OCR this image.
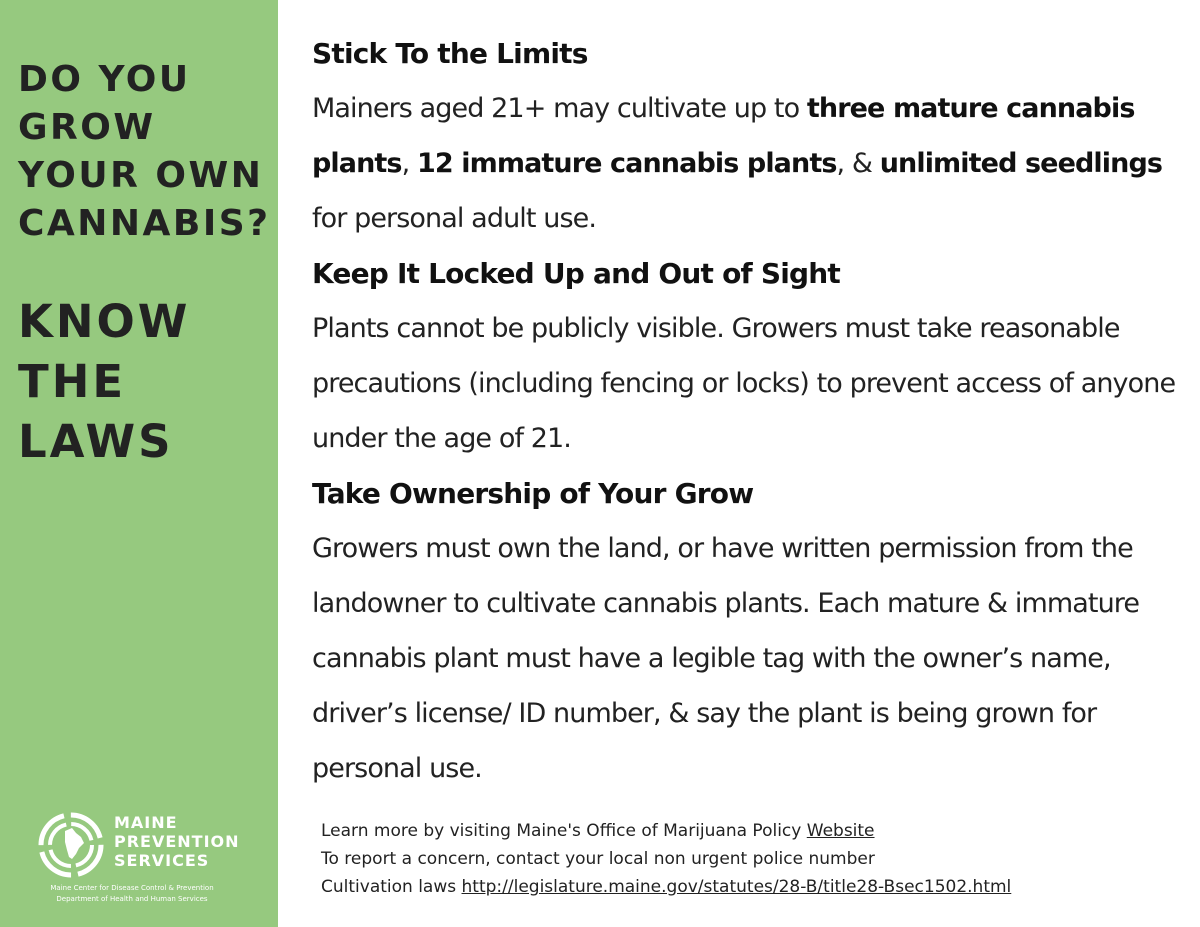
DO YOU
GROW
YOUR OWN
CANNABIS?
KNOW
THE
LAWS
MAINE
PREVENTION
SERVICES
Maine Center for Disease Control & Prevention
Department of Health and Human Services
Stick To the Limits

Mainers aged 21+ may cultivate up to three mature cannabis plants, 12 immature cannabis plants, & unlimited seedlings for personal adult use.

Keep It Locked Up and Out of Sight

Plants cannot be publicly visible. Growers must take reasonable precautions (including fencing or locks) to prevent access of anyone under the age of 21.

Take Ownership of Your Grow

Growers must own the land, or have written permission from the landowner to cultivate cannabis plants. Each mature & immature cannabis plant must have a legible tag with the owner’s name, driver’s license/ ID number, & say the plant is being grown for personal use.

Learn more by visiting Maine's Office of Marijuana Policy Website
To report a concern, contact your local non urgent police number
Cultivation laws http://legislature.maine.gov/statutes/28-B/title28-Bsec1502.html
